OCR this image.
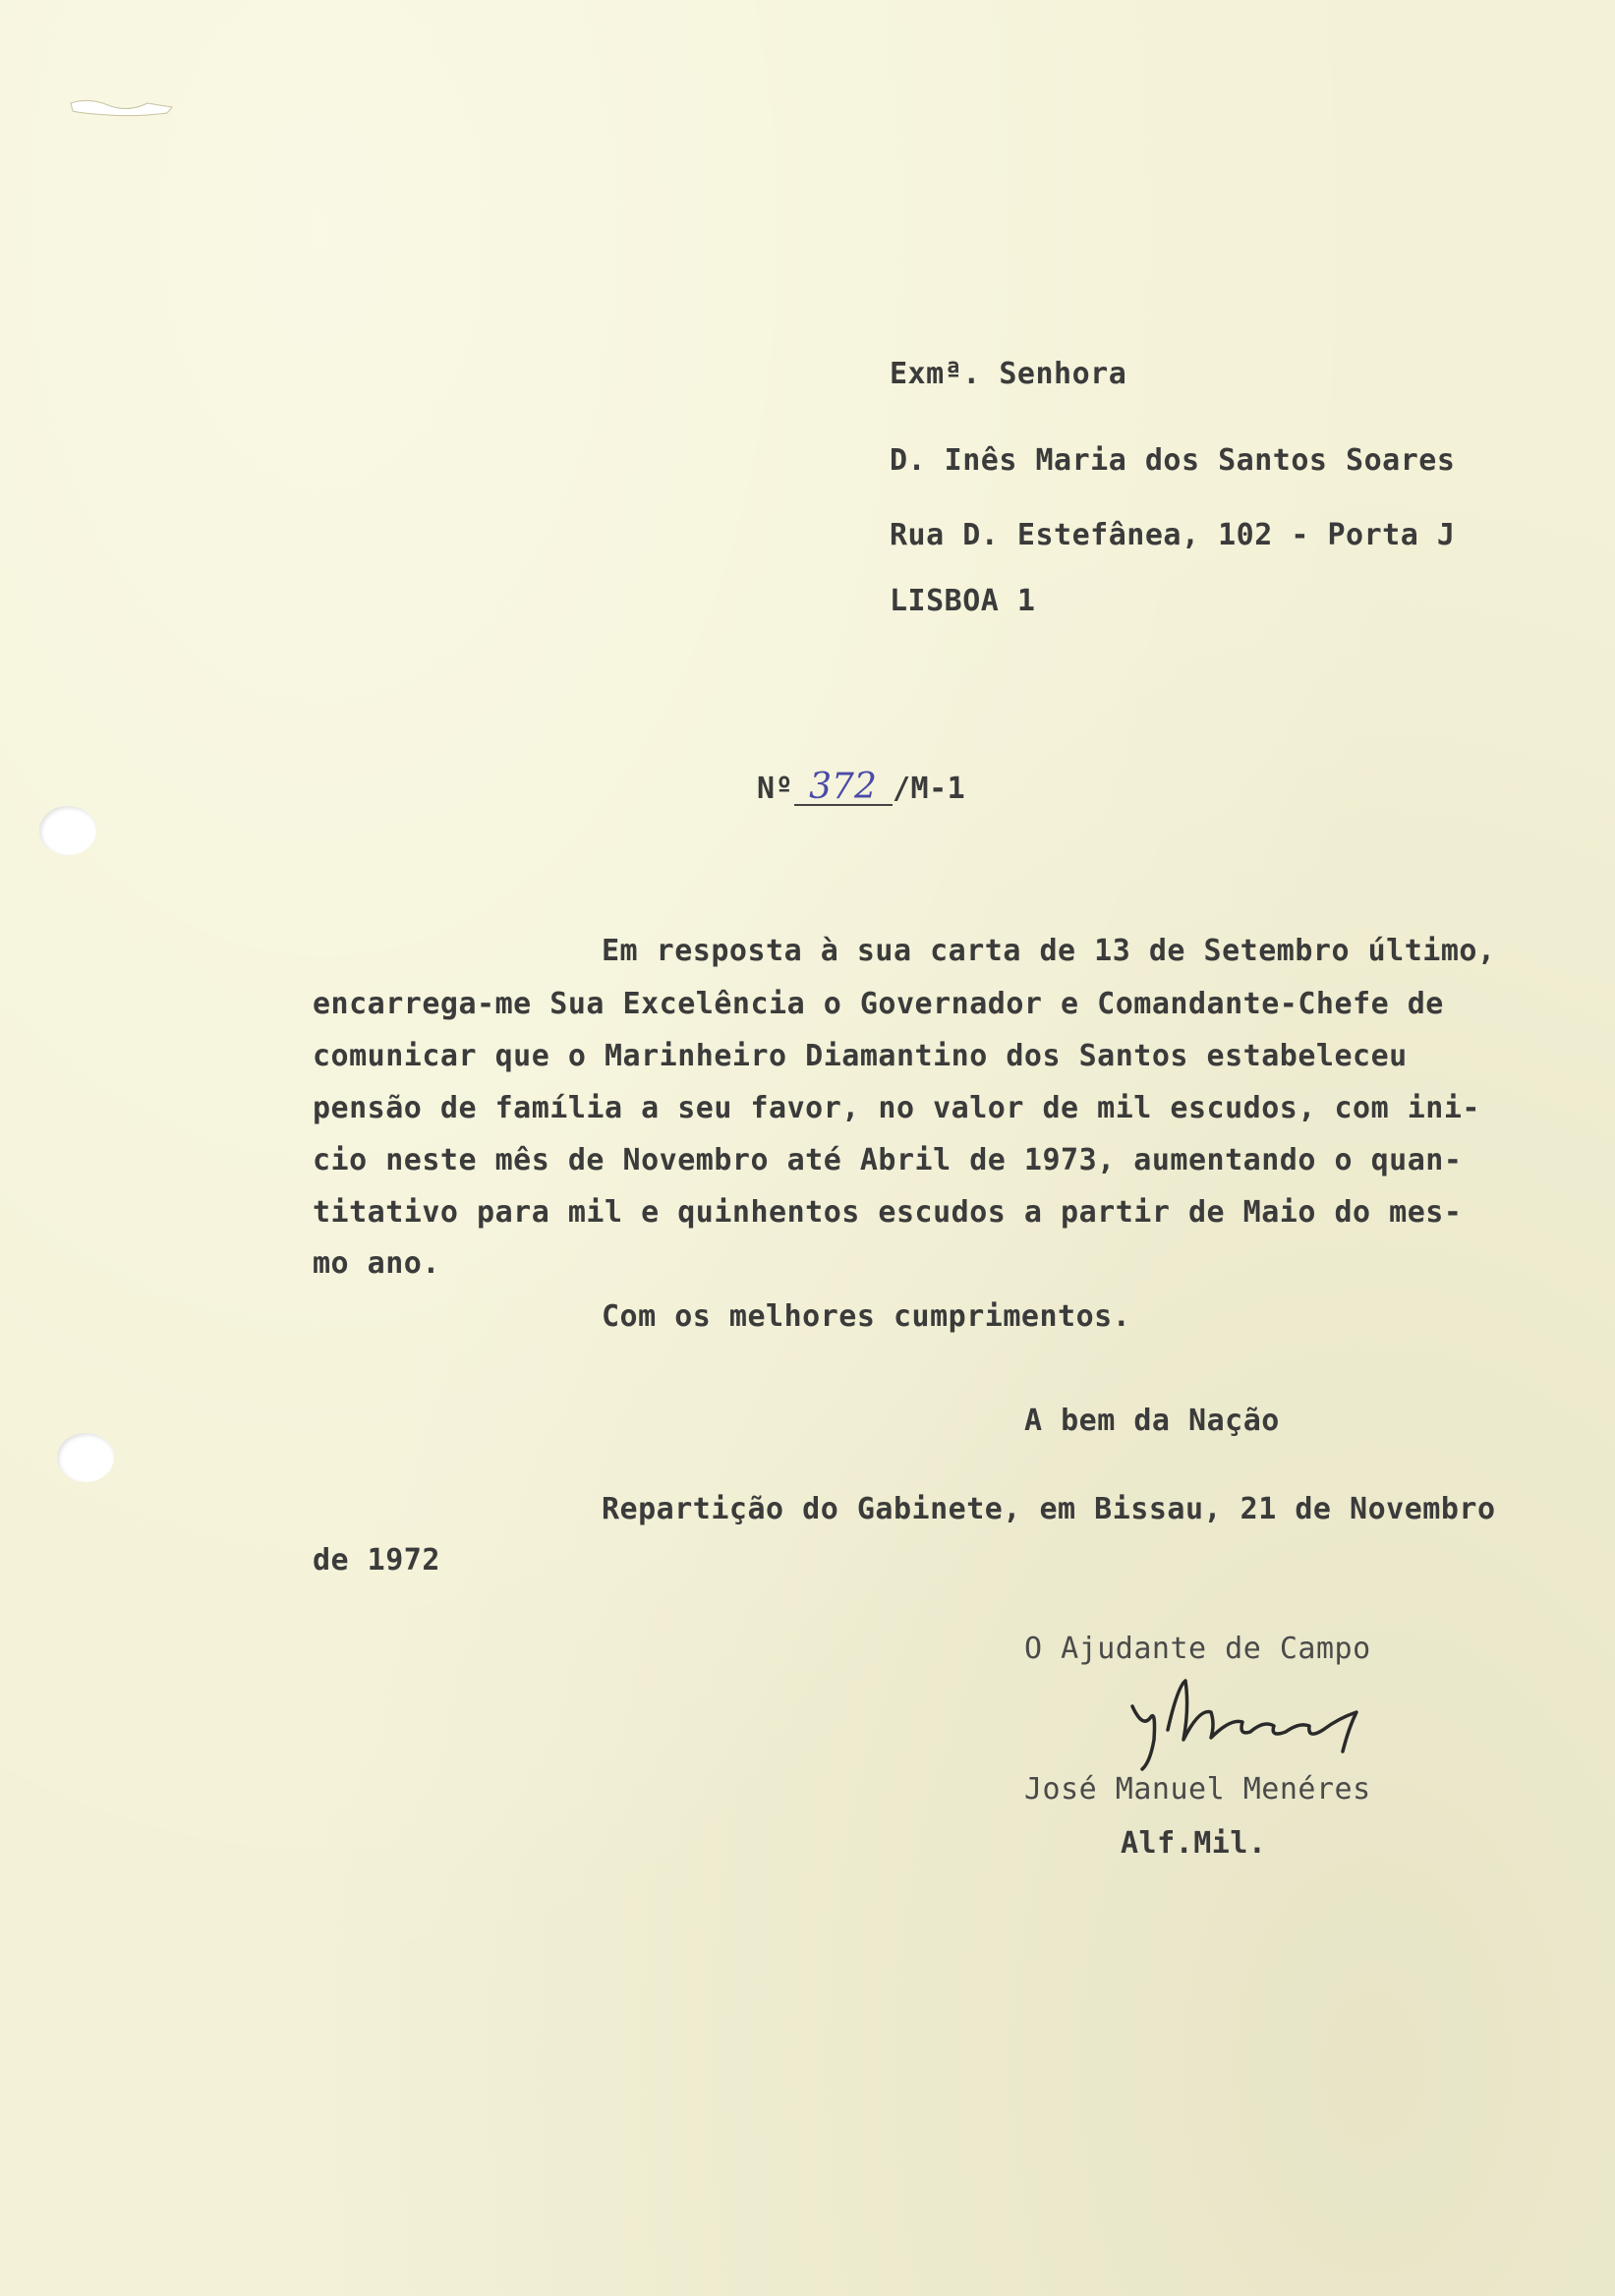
Exmª. Senhora

D. Inês Maria dos Santos Soares

Rua D. Estefânea, 102 - Porta J

LISBOA 1

Nº 372 /M-1

Em resposta à sua carta de 13 de Setembro último,

encarrega-me Sua Excelência o Governador e Comandante-Chefe de

comunicar que o Marinheiro Diamantino dos Santos estabeleceu

pensão de família a seu favor, no valor de mil escudos, com ini-

cio neste mês de Novembro até Abril de 1973, aumentando o quan-

titativo para mil e quinhentos escudos a partir de Maio do mes-

mo ano.

Com os melhores cumprimentos.

A bem da Nação

Repartição do Gabinete, em Bissau, 21 de Novembro

de 1972

O Ajudante de Campo

José Manuel Menéres

Alf.Mil.
